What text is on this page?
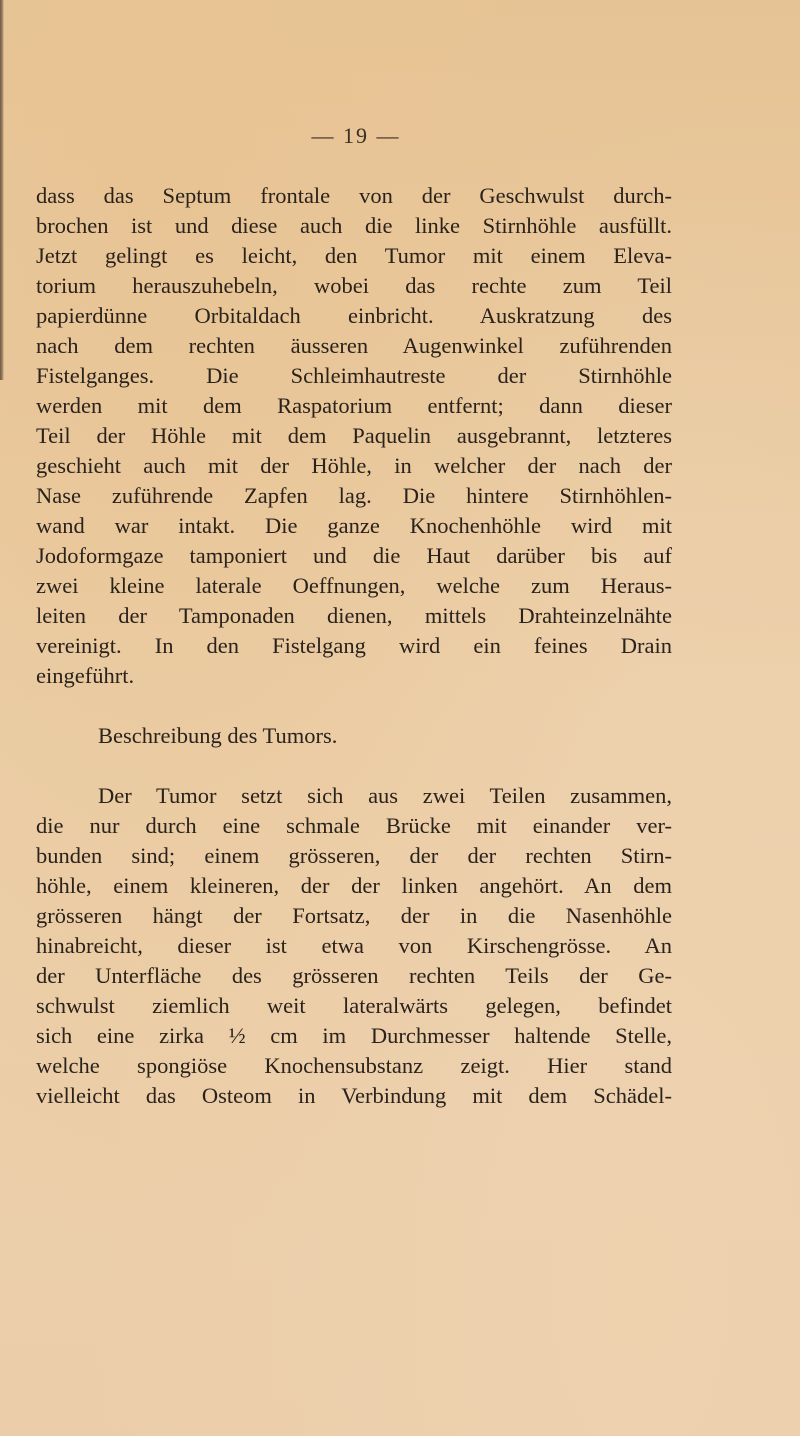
— 19 —
dass das Septum frontale von der Geschwulst durch-
brochen ist und diese auch die linke Stirnhöhle ausfüllt.
Jetzt gelingt es leicht, den Tumor mit einem Eleva-
torium herauszuhebeln, wobei das rechte zum Teil
papierdünne Orbitaldach einbricht. Auskratzung des
nach dem rechten äusseren Augenwinkel zuführenden
Fistelganges. Die Schleimhautreste der Stirnhöhle
werden mit dem Raspatorium entfernt; dann dieser
Teil der Höhle mit dem Paquelin ausgebrannt, letzteres
geschieht auch mit der Höhle, in welcher der nach der
Nase zuführende Zapfen lag. Die hintere Stirnhöhlen-
wand war intakt. Die ganze Knochenhöhle wird mit
Jodoformgaze tamponiert und die Haut darüber bis auf
zwei kleine laterale Oeffnungen, welche zum Heraus-
leiten der Tamponaden dienen, mittels Drahteinzelnähte
vereinigt. In den Fistelgang wird ein feines Drain
eingeführt.
Beschreibung des Tumors.
Der Tumor setzt sich aus zwei Teilen zusammen,
die nur durch eine schmale Brücke mit einander ver-
bunden sind; einem grösseren, der der rechten Stirn-
höhle, einem kleineren, der der linken angehört. An dem
grösseren hängt der Fortsatz, der in die Nasenhöhle
hinabreicht, dieser ist etwa von Kirschengrösse. An
der Unterfläche des grösseren rechten Teils der Ge-
schwulst ziemlich weit lateralwärts gelegen, befindet
sich eine zirka ½ cm im Durchmesser haltende Stelle,
welche spongiöse Knochensubstanz zeigt. Hier stand
vielleicht das Osteom in Verbindung mit dem Schädel-
